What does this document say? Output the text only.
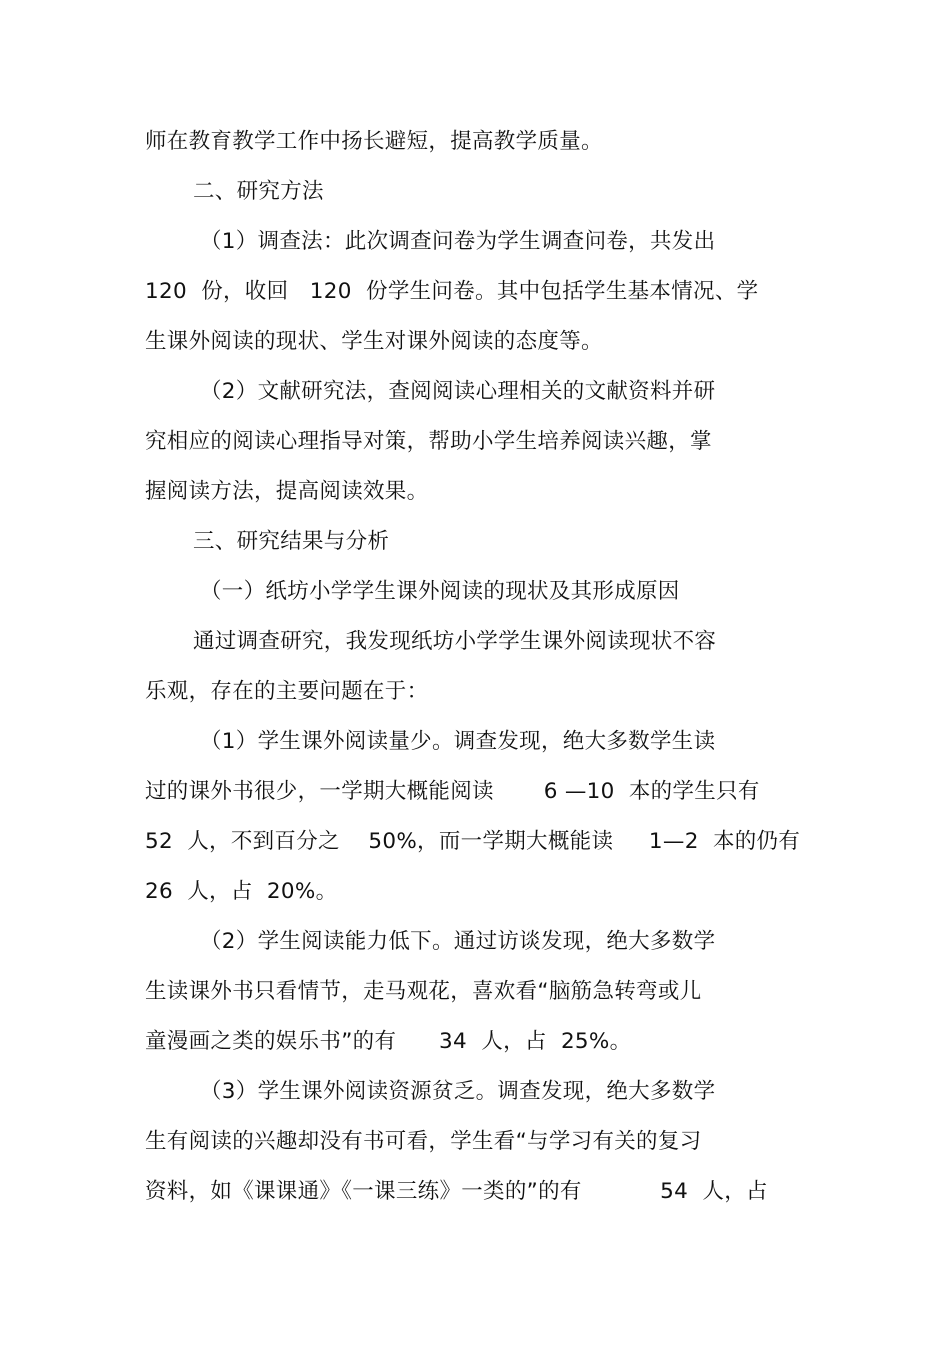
师在教育教学工作中扬长避短，提高教学质量。
二、研究方法
（1）调查法：此次调查问卷为学生调查问卷，共发出
120  份，收回   120  份学生问卷。其中包括学生基本情况、学
生课外阅读的现状、学生对课外阅读的态度等。
（2）文献研究法，查阅阅读心理相关的文献资料并研
究相应的阅读心理指导对策，帮助小学生培养阅读兴趣，掌
握阅读方法，提高阅读效果。
三、研究结果与分析
（一）纸坊小学学生课外阅读的现状及其形成原因
通过调查研究，我发现纸坊小学学生课外阅读现状不容
乐观，存在的主要问题在于：
（1）学生课外阅读量少。调查发现，绝大多数学生读
过的课外书很少，一学期大概能阅读       6 —10  本的学生只有
52  人，不到百分之    50%，而一学期大概能读     1—2  本的仍有
26  人，占  20%。
（2）学生阅读能力低下。通过访谈发现，绝大多数学
生读课外书只看情节，走马观花，喜欢看“脑筋急转弯或儿
童漫画之类的娱乐书”的有      34  人，占  25%。
（3）学生课外阅读资源贫乏。调查发现，绝大多数学
生有阅读的兴趣却没有书可看，学生看“与学习有关的复习
资料，如《课课通》《一课三练》一类的”的有           54  人，占
